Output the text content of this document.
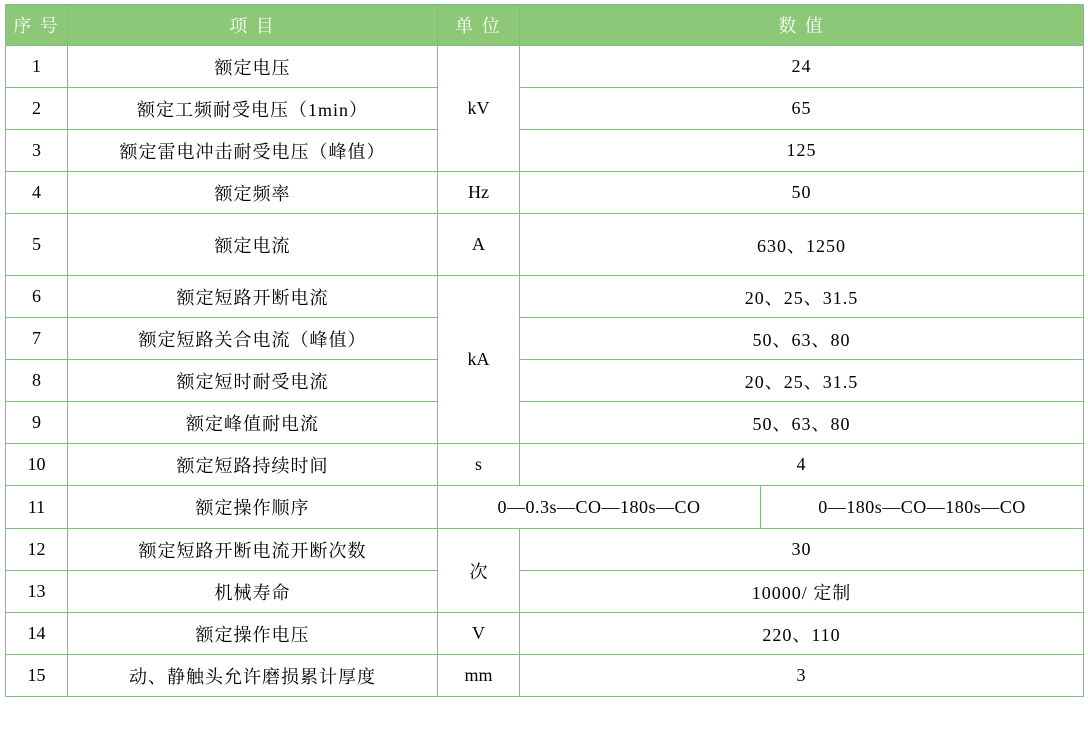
序 号	项 目	单 位	数 值
1	额定电压	kV	24
2	额定工频耐受电压（1min）	65
3	额定雷电冲击耐受电压（峰值）	125
4	额定频率	Hz	50
5	额定电流	A	630、1250
6	额定短路开断电流	kA	20、25、31.5
7	额定短路关合电流（峰值）	50、63、80
8	额定短时耐受电流	20、25、31.5
9	额定峰值耐电流	50、63、80
10	额定短路持续时间	s	4
11	额定操作顺序		0—0.3s—CO—180s—CO	0—180s—CO—180s—CO

12	额定短路开断电流开断次数	次	30
13	机械寿命	10000/ 定制
14	额定操作电压	V	220、110
15	动、静触头允许磨损累计厚度	mm	3
